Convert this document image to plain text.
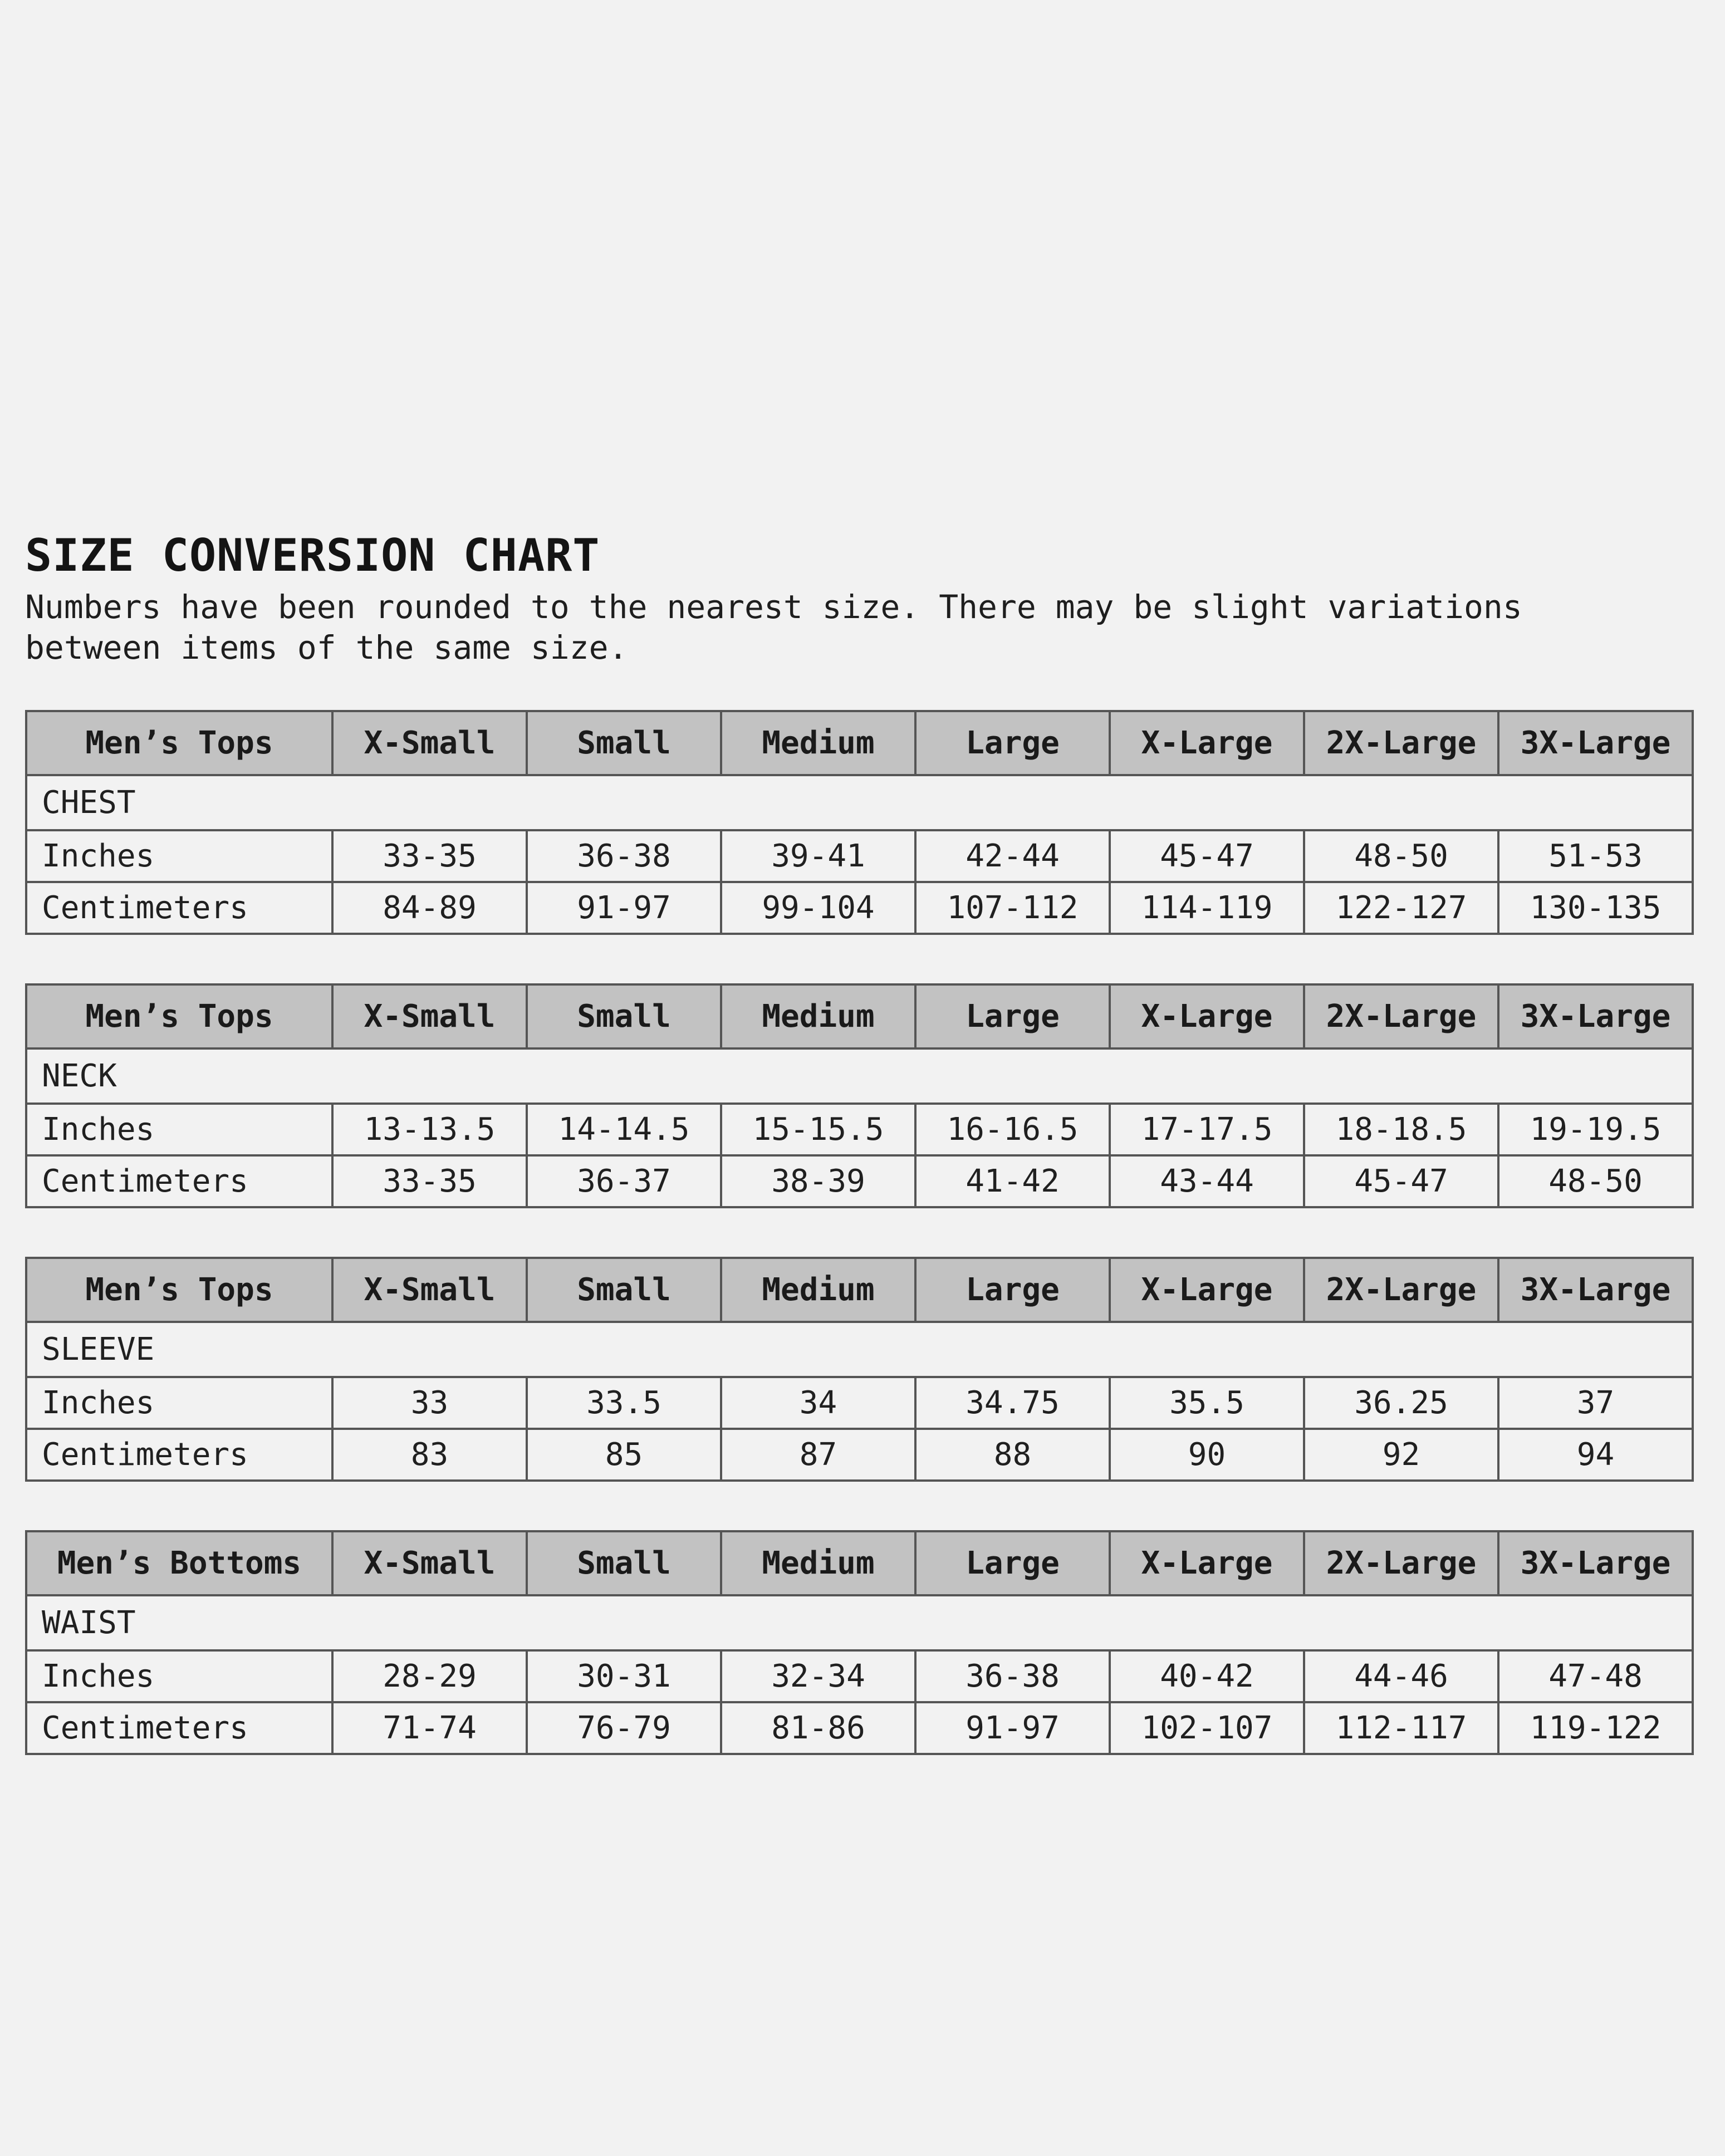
SIZE CONVERSION CHART

Numbers have been rounded to the nearest size. There may be slight variations between items of the same size.

Men’s Tops	X-Small	Small	Medium	Large	X-Large	2X-Large	3X-Large
CHEST							
Inches	33-35	36-38	39-41	42-44	45-47	48-50	51-53
Centimeters	84-89	91-97	99-104	107-112	114-119	122-127	130-135
Men’s Tops	X-Small	Small	Medium	Large	X-Large	2X-Large	3X-Large
NECK							
Inches	13-13.5	14-14.5	15-15.5	16-16.5	17-17.5	18-18.5	19-19.5
Centimeters	33-35	36-37	38-39	41-42	43-44	45-47	48-50
Men’s Tops	X-Small	Small	Medium	Large	X-Large	2X-Large	3X-Large
SLEEVE							
Inches	33	33.5	34	34.75	35.5	36.25	37
Centimeters	83	85	87	88	90	92	94
Men’s Bottoms	X-Small	Small	Medium	Large	X-Large	2X-Large	3X-Large
WAIST							
Inches	28-29	30-31	32-34	36-38	40-42	44-46	47-48
Centimeters	71-74	76-79	81-86	91-97	102-107	112-117	119-122
